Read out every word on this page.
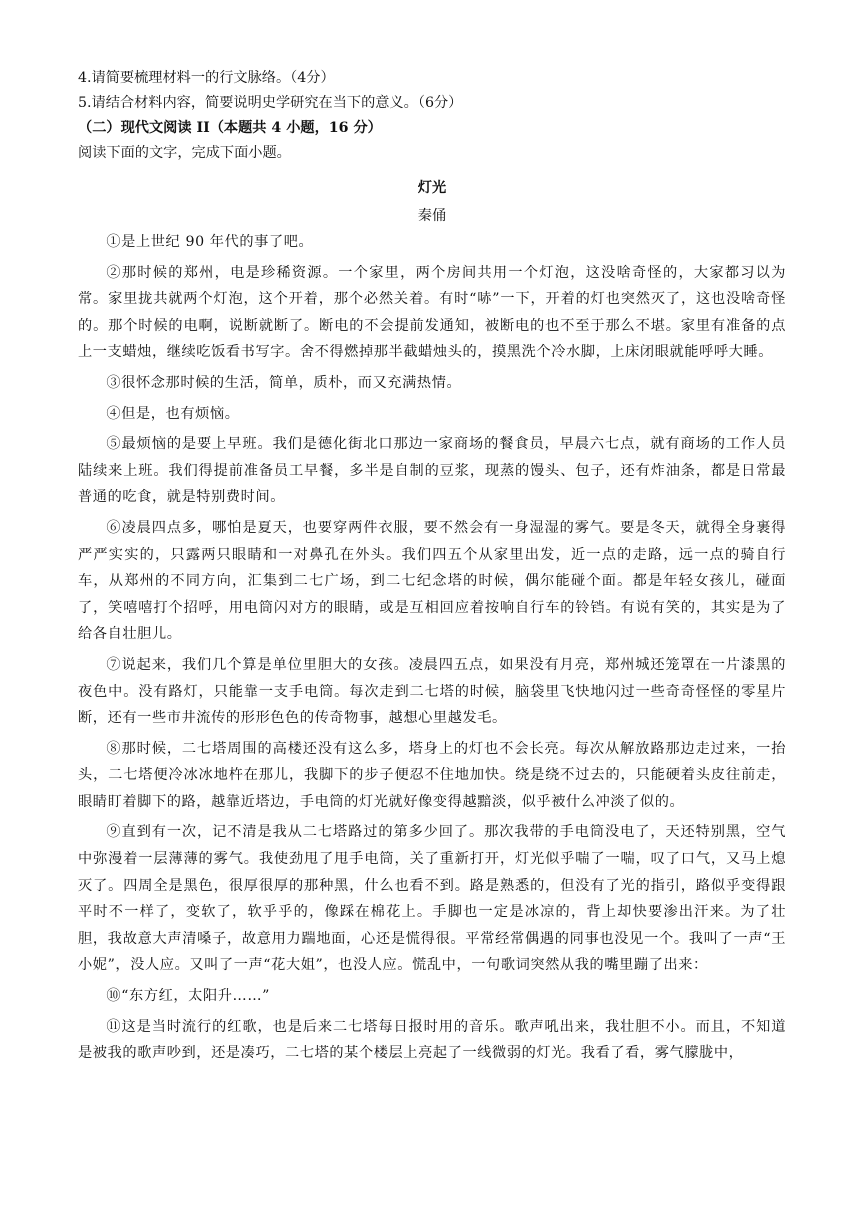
4.请简要梳理材料一的行文脉络。（4分）

5.请结合材料内容，简要说明史学研究在当下的意义。（6分）

（二）现代文阅读 II（本题共 4 小题，16 分）

阅读下面的文字，完成下面小题。

灯光

秦俑

①是上世纪 90 年代的事了吧。

②那时候的郑州，电是珍稀资源。一个家里，两个房间共用一个灯泡，这没啥奇怪的，大家都习以为常。家里拢共就两个灯泡，这个开着，那个必然关着。有时“哧”一下，开着的灯也突然灭了，这也没啥奇怪的。那个时候的电啊，说断就断了。断电的不会提前发通知，被断电的也不至于那么不堪。家里有准备的点上一支蜡烛，继续吃饭看书写字。舍不得燃掉那半截蜡烛头的，摸黑洗个冷水脚，上床闭眼就能呼呼大睡。

③很怀念那时候的生活，简单，质朴，而又充满热情。

④但是，也有烦恼。

⑤最烦恼的是要上早班。我们是德化街北口那边一家商场的餐食员，早晨六七点，就有商场的工作人员陆续来上班。我们得提前准备员工早餐，多半是自制的豆浆，现蒸的馒头、包子，还有炸油条，都是日常最普通的吃食，就是特别费时间。

⑥凌晨四点多，哪怕是夏天，也要穿两件衣服，要不然会有一身湿湿的雾气。要是冬天，就得全身裹得严严实实的，只露两只眼睛和一对鼻孔在外头。我们四五个从家里出发，近一点的走路，远一点的骑自行车，从郑州的不同方向，汇集到二七广场，到二七纪念塔的时候，偶尔能碰个面。都是年轻女孩儿，碰面了，笑嘻嘻打个招呼，用电筒闪对方的眼睛，或是互相回应着按响自行车的铃铛。有说有笑的，其实是为了给各自壮胆儿。

⑦说起来，我们几个算是单位里胆大的女孩。凌晨四五点，如果没有月亮，郑州城还笼罩在一片漆黑的夜色中。没有路灯，只能靠一支手电筒。每次走到二七塔的时候，脑袋里飞快地闪过一些奇奇怪怪的零星片断，还有一些市井流传的形形色色的传奇物事，越想心里越发毛。

⑧那时候，二七塔周围的高楼还没有这么多，塔身上的灯也不会长亮。每次从解放路那边走过来，一抬头，二七塔便冷冰冰地杵在那儿，我脚下的步子便忍不住地加快。绕是绕不过去的，只能硬着头皮往前走，眼睛盯着脚下的路，越靠近塔边，手电筒的灯光就好像变得越黯淡，似乎被什么冲淡了似的。

⑨直到有一次，记不清是我从二七塔路过的第多少回了。那次我带的手电筒没电了，天还特别黑，空气中弥漫着一层薄薄的雾气。我使劲甩了甩手电筒，关了重新打开，灯光似乎喘了一喘，叹了口气，又马上熄灭了。四周全是黑色，很厚很厚的那种黑，什么也看不到。路是熟悉的，但没有了光的指引，路似乎变得跟平时不一样了，变软了，软乎乎的，像踩在棉花上。手脚也一定是冰凉的，背上却快要渗出汗来。为了壮胆，我故意大声清嗓子，故意用力踹地面，心还是慌得很。平常经常偶遇的同事也没见一个。我叫了一声“王小妮”，没人应。又叫了一声“花大姐”，也没人应。慌乱中，一句歌词突然从我的嘴里蹦了出来：

⑩“东方红，太阳升……”

⑪这是当时流行的红歌，也是后来二七塔每日报时用的音乐。歌声吼出来，我壮胆不小。而且，不知道是被我的歌声吵到，还是凑巧，二七塔的某个楼层上亮起了一线微弱的灯光。我看了看，雾气朦胧中，
